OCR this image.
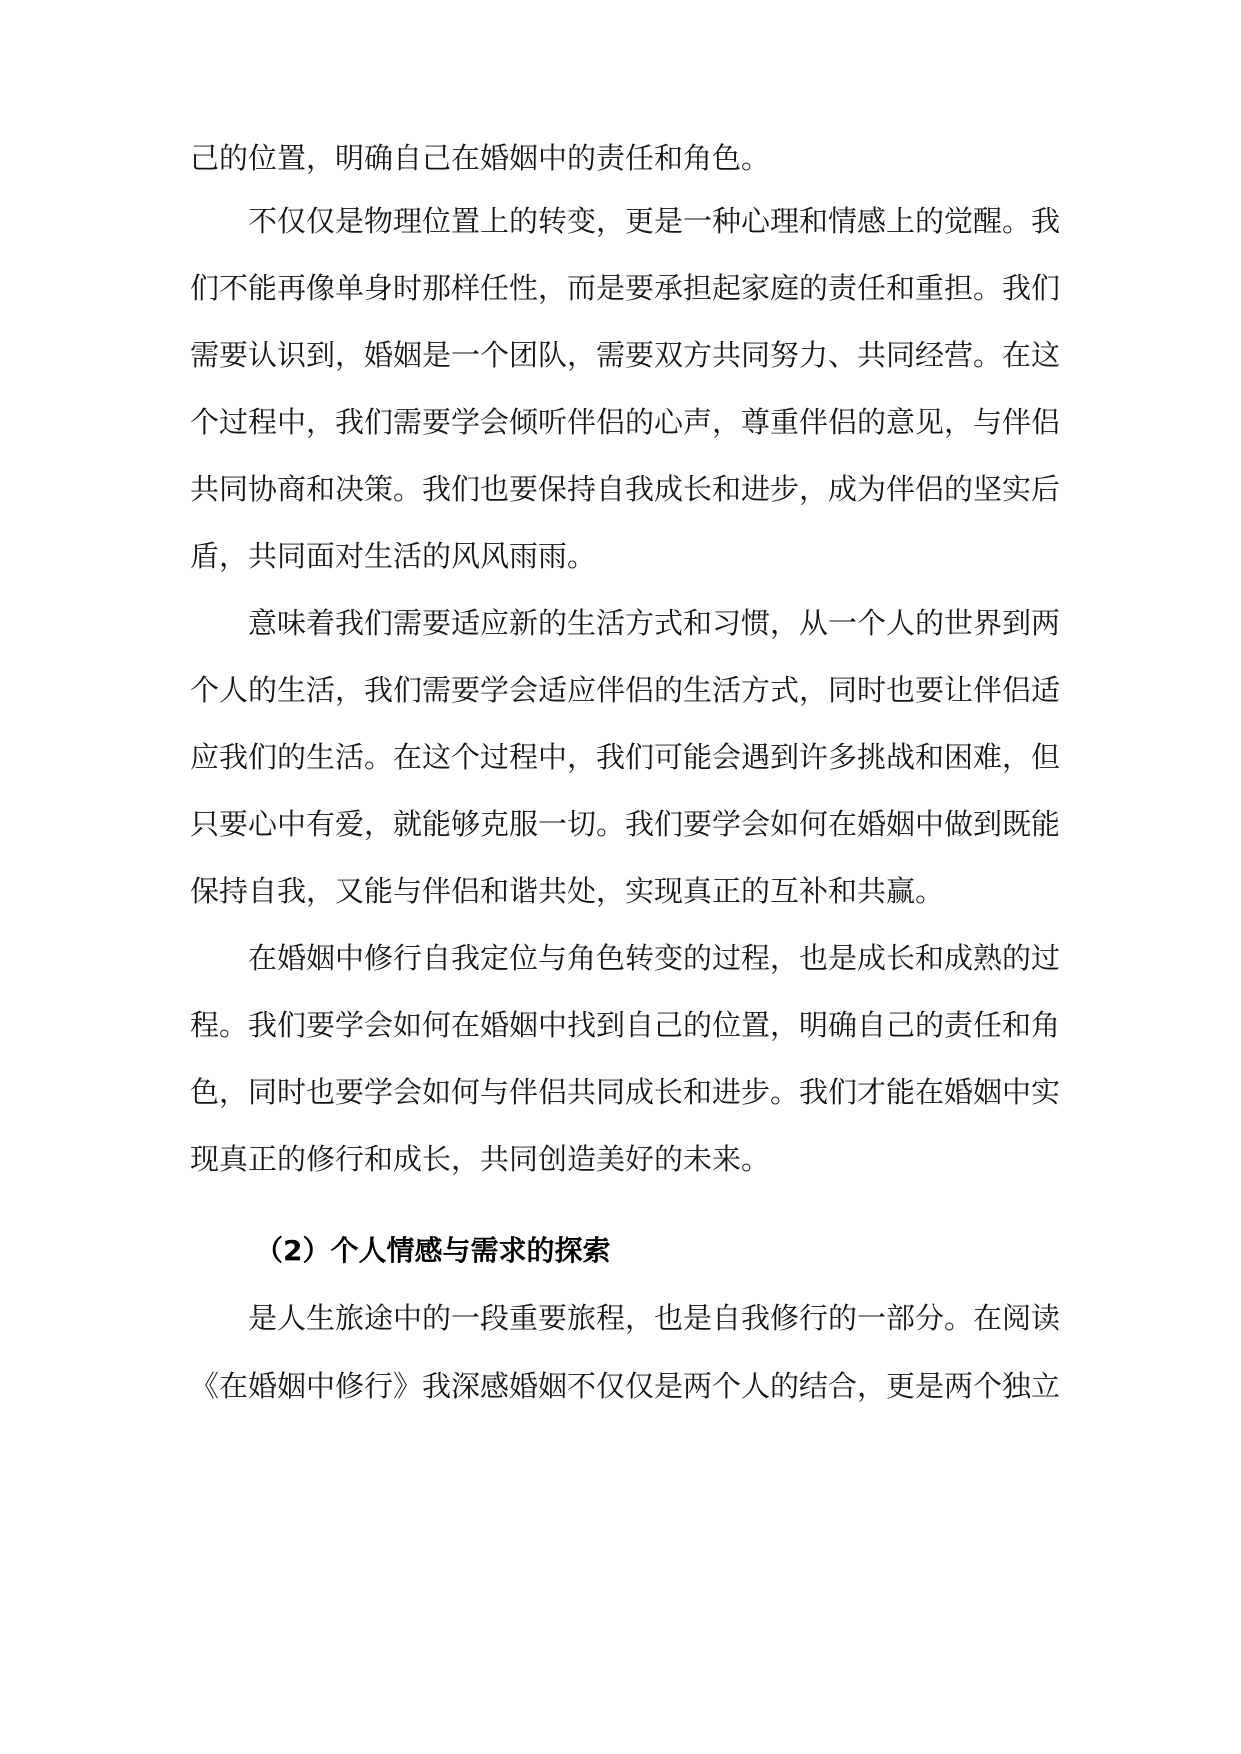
己的位置，明确自己在婚姻中的责任和角色。
不仅仅是物理位置上的转变，更是一种心理和情感上的觉醒。我
们不能再像单身时那样任性，而是要承担起家庭的责任和重担。我们
需要认识到，婚姻是一个团队，需要双方共同努力、共同经营。在这
个过程中，我们需要学会倾听伴侣的心声，尊重伴侣的意见，与伴侣
共同协商和决策。我们也要保持自我成长和进步，成为伴侣的坚实后
盾，共同面对生活的风风雨雨。
意味着我们需要适应新的生活方式和习惯，从一个人的世界到两
个人的生活，我们需要学会适应伴侣的生活方式，同时也要让伴侣适
应我们的生活。在这个过程中，我们可能会遇到许多挑战和困难，但
只要心中有爱，就能够克服一切。我们要学会如何在婚姻中做到既能
保持自我，又能与伴侣和谐共处，实现真正的互补和共赢。
在婚姻中修行自我定位与角色转变的过程，也是成长和成熟的过
程。我们要学会如何在婚姻中找到自己的位置，明确自己的责任和角
色，同时也要学会如何与伴侣共同成长和进步。我们才能在婚姻中实
现真正的修行和成长，共同创造美好的未来。
（2）个人情感与需求的探索
是人生旅途中的一段重要旅程，也是自我修行的一部分。在阅读
《在婚姻中修行》我深感婚姻不仅仅是两个人的结合，更是两个独立
